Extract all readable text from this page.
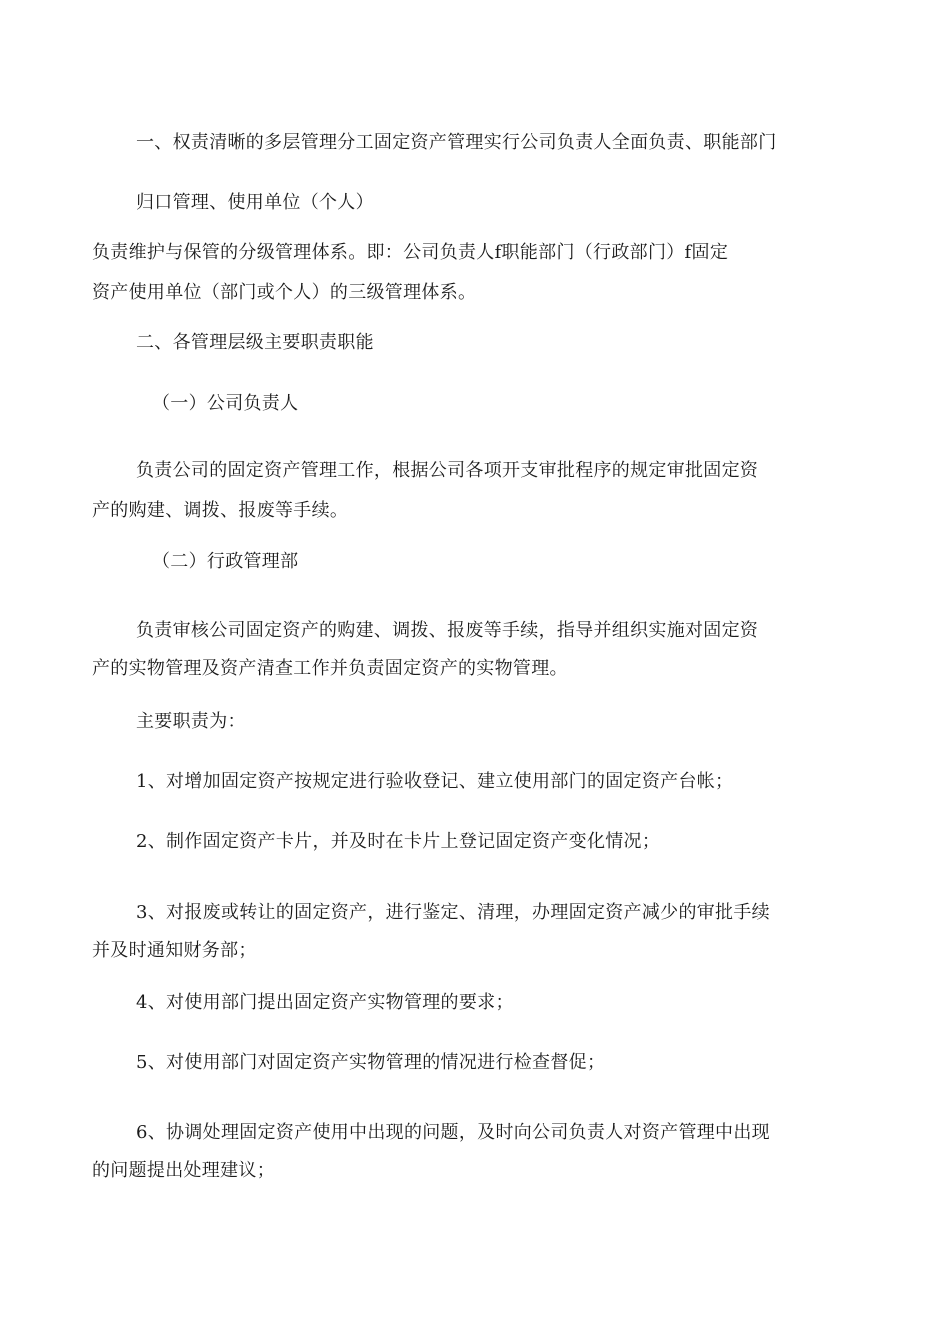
一、权责清晰的多层管理分工固定资产管理实行公司负责人全面负责、职能部门
归口管理、使用单位（个人）
负责维护与保管的分级管理体系。即：公司负责人f职能部门（行政部门）f固定
资产使用单位（部门或个人）的三级管理体系。
二、各管理层级主要职责职能
（一）公司负责人
负责公司的固定资产管理工作，根据公司各项开支审批程序的规定审批固定资
产的购建、调拨、报废等手续。
（二）行政管理部
负责审核公司固定资产的购建、调拨、报废等手续，指导并组织实施对固定资
产的实物管理及资产清查工作并负责固定资产的实物管理。
主要职责为：
1、对增加固定资产按规定进行验收登记、建立使用部门的固定资产台帐；
2、制作固定资产卡片，并及时在卡片上登记固定资产变化情况；
3、对报废或转让的固定资产，进行鉴定、清理，办理固定资产减少的审批手续
并及时通知财务部；
4、对使用部门提出固定资产实物管理的要求；
5、对使用部门对固定资产实物管理的情况进行检查督促；
6、协调处理固定资产使用中出现的问题，及时向公司负责人对资产管理中出现
的问题提出处理建议；
